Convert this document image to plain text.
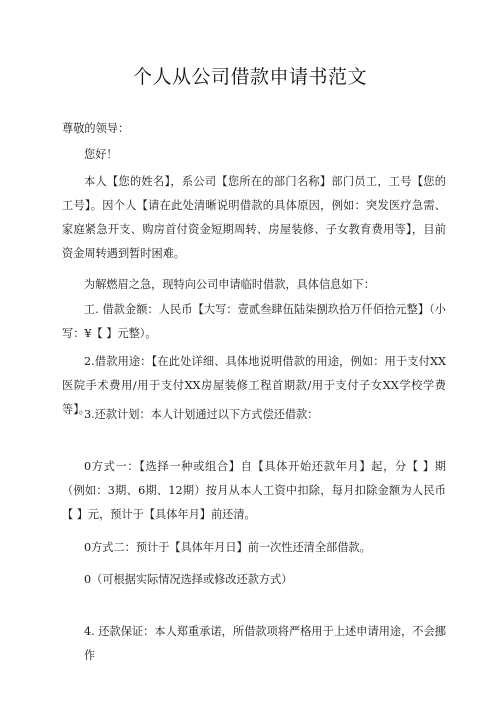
个人从公司借款申请书范文

尊敬的领导：

您好！

本人【您的姓名】，系公司【您所在的部门名称】部门员工，工号【您的工号】。因个人【请在此处清晰说明借款的具体原因，例如：突发医疗急需、家庭紧急开支、购房首付资金短期周转、房屋装修、子女教育费用等】，目前资金周转遇到暂时困难。

为解燃眉之急，现特向公司申请临时借款，具体信息如下：

工. 借款金额：人民币【大写：壹贰叁肆伍陆柒捌玖拾万仟佰拾元整】（小写：¥【 】元整）。

2.借款用途：【在此处详细、具体地说明借款的用途，例如：用于支付XX医院手术费用/用于支付XX房屋装修工程首期款/用于支付子女XX学校学费等】。

3.还款计划：本人计划通过以下方式偿还借款：

0方式一：【选择一种或组合】自【具体开始还款年月】起，分【 】期（例如：3期、6期、12期）按月从本人工资中扣除，每月扣除金额为人民币【 】元，预计于【具体年月】前还清。

0方式二：预计于【具体年月日】前一次性还清全部借款。

0（可根据实际情况选择或修改还款方式）

4. 还款保证：本人郑重承诺，所借款项将严格用于上述申请用途，不会挪作
